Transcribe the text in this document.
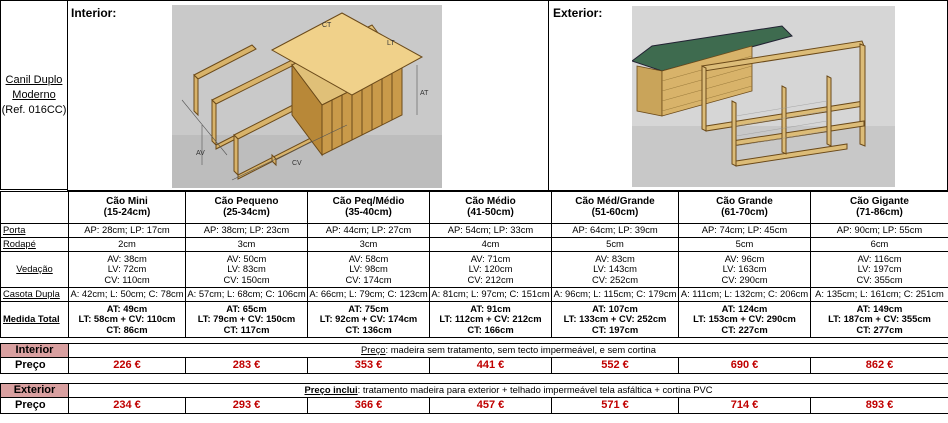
Canil Duplo
Moderno
(Ref. 016CC)
Interior:
AV
CV
AT
LT
CT
Exterior:
	Cão Mini
(15-24cm)	Cão Pequeno
(25-34cm)	Cão Peq/Médio
(35-40cm)	Cão Médio
(41-50cm)	Cão Méd/Grande
(51-60cm)	Cão Grande
(61-70cm)	Cão Gigante
(71-86cm)
Porta	AP: 28cm; LP: 17cm	AP: 38cm; LP: 23cm	AP: 44cm; LP: 27cm	AP: 54cm; LP: 33cm	AP: 64cm; LP: 39cm	AP: 74cm; LP: 45cm	AP: 90cm; LP: 55cm
Rodapé	2cm	3cm	3cm	4cm	5cm	5cm	6cm
Vedação	AV: 38cm
LV: 72cm
CV: 110cm	AV: 50cm
LV: 83cm
CV: 150cm	AV: 58cm
LV: 98cm
CV: 174cm	AV: 71cm
LV: 120cm
CV: 212cm	AV: 83cm
LV: 143cm
CV: 252cm	AV: 96cm
LV: 163cm
CV: 290cm	AV: 116cm
LV: 197cm
CV: 355cm
Casota Dupla	A: 42cm; L: 50cm; C: 78cm	A: 57cm; L: 68cm; C: 106cm	A: 66cm; L: 79cm; C: 123cm	A: 81cm; L: 97cm; C: 151cm	A: 96cm; L: 115cm; C: 179cm	A: 111cm; L: 132cm; C: 206cm	A: 135cm; L: 161cm; C: 251cm
Medida Total	AT: 49cm
LT: 58cm + CV: 110cm
CT: 86cm	AT: 65cm
LT: 79cm + CV: 150cm
CT: 117cm	AT: 75cm
LT: 92cm + CV: 174cm
CT: 136cm	AT: 91cm
LT: 112cm + CV: 212cm
CT: 166cm	AT: 107cm
LT: 133cm + CV: 252cm
CT: 197cm	AT: 124cm
LT: 153cm + CV: 290cm
CT: 227cm	AT: 149cm
LT: 187cm + CV: 355cm
CT: 277cm

Interior	Preço: madeira sem tratamento, sem tecto impermeável, e sem cortina						
Preço	226 €	283 €	353 €	441 €	552 €	690 €	862 €

Exterior	Preço inclui: tratamento madeira para exterior + telhado impermeável tela asfáltica + cortina PVC						
Preço	234 €	293 €	366 €	457 €	571 €	714 €	893 €
